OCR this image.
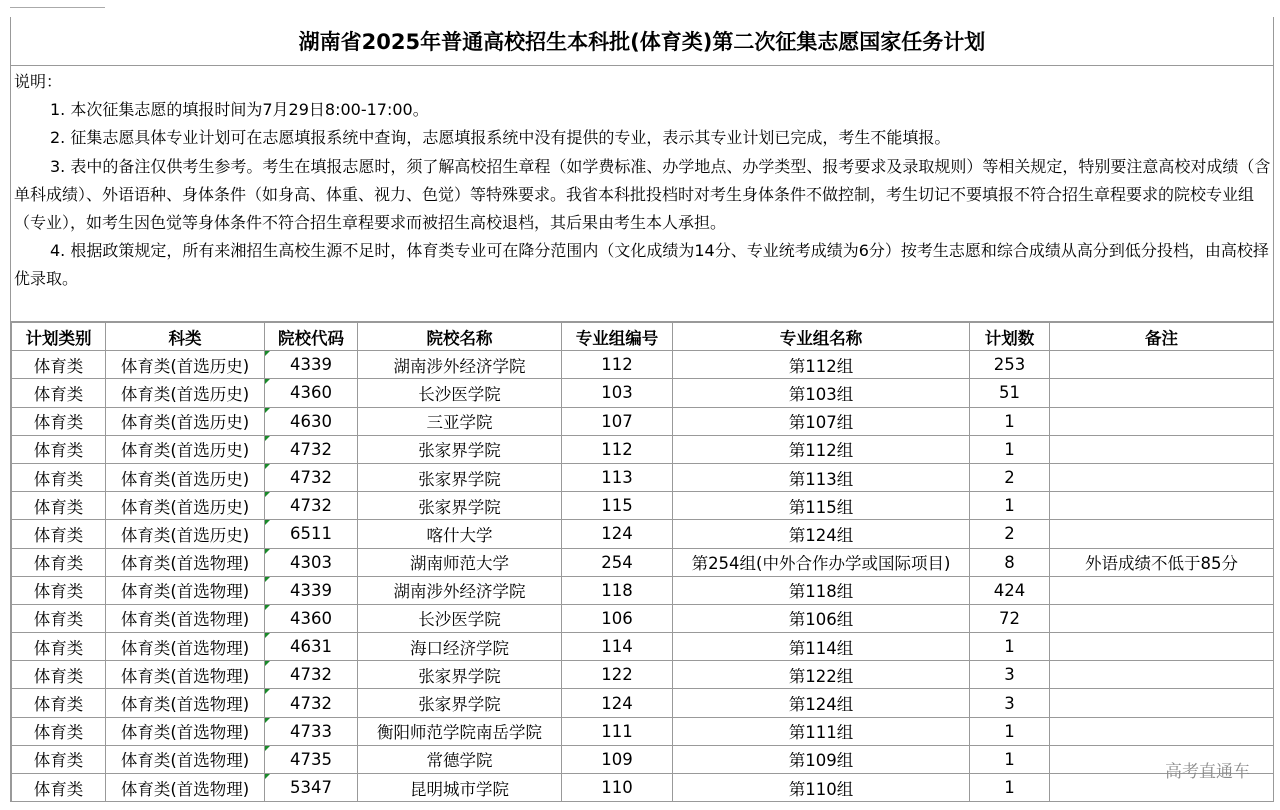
湖南省2025年普通高校招生本科批(体育类)第二次征集志愿国家任务计划

说明：

1. 本次征集志愿的填报时间为7月29日8:00-17:00。

2. 征集志愿具体专业计划可在志愿填报系统中查询，志愿填报系统中没有提供的专业，表示其专业计划已完成，考生不能填报。

3. 表中的备注仅供考生参考。考生在填报志愿时，须了解高校招生章程（如学费标准、办学地点、办学类型、报考要求及录取规则）等相关规定，特别要注意高校对成绩（含单科成绩）、外语语种、身体条件（如身高、体重、视力、色觉）等特殊要求。我省本科批投档时对考生身体条件不做控制，考生切记不要填报不符合招生章程要求的院校专业组（专业），如考生因色觉等身体条件不符合招生章程要求而被招生高校退档，其后果由考生本人承担。

4. 根据政策规定，所有来湘招生高校生源不足时，体育类专业可在降分范围内（文化成绩为14分、专业统考成绩为6分）按考生志愿和综合成绩从高分到低分投档，由高校择优录取。

计划类别	科类	院校代码	院校名称	专业组编号	专业组名称	计划数	备注
体育类	体育类(首选历史)	4339	湖南涉外经济学院	112	第112组	253	
体育类	体育类(首选历史)	4360	长沙医学院	103	第103组	51	
体育类	体育类(首选历史)	4630	三亚学院	107	第107组	1	
体育类	体育类(首选历史)	4732	张家界学院	112	第112组	1	
体育类	体育类(首选历史)	4732	张家界学院	113	第113组	2	
体育类	体育类(首选历史)	4732	张家界学院	115	第115组	1	
体育类	体育类(首选历史)	6511	喀什大学	124	第124组	2	
体育类	体育类(首选物理)	4303	湖南师范大学	254	第254组(中外合作办学或国际项目)	8	外语成绩不低于85分
体育类	体育类(首选物理)	4339	湖南涉外经济学院	118	第118组	424	
体育类	体育类(首选物理)	4360	长沙医学院	106	第106组	72	
体育类	体育类(首选物理)	4631	海口经济学院	114	第114组	1	
体育类	体育类(首选物理)	4732	张家界学院	122	第122组	3	
体育类	体育类(首选物理)	4732	张家界学院	124	第124组	3	
体育类	体育类(首选物理)	4733	衡阳师范学院南岳学院	111	第111组	1	
体育类	体育类(首选物理)	4735	常德学院	109	第109组	1	
体育类	体育类(首选物理)	5347	昆明城市学院	110	第110组	1	
高考直通车
